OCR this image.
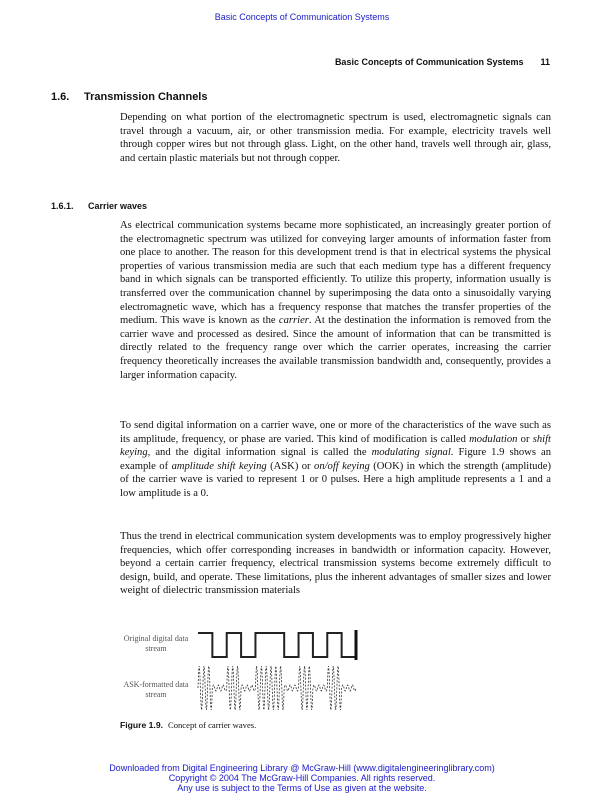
Basic Concepts of Communication Systems
Basic Concepts of Communication Systems 11
1.6. Transmission Channels

Depending on what portion of the electromagnetic spectrum is used, electromagnetic signals can travel through a vacuum, air, or other transmission media. For example, electricity travels well through copper wires but not through glass. Light, on the other hand, travels well through air, glass, and certain plastic materials but not through copper.

1.6.1. Carrier waves

As electrical communication systems became more sophisticated, an increasingly greater portion of the electromagnetic spectrum was utilized for conveying larger amounts of information faster from one place to another. The reason for this development trend is that in electrical systems the physical properties of various transmission media are such that each medium type has a different frequency band in which signals can be transported efficiently. To utilize this property, information usually is transferred over the communication channel by superimposing the data onto a sinusoidally varying electromagnetic wave, which has a frequency response that matches the transfer properties of the medium. This wave is known as the carrier. At the destination the information is removed from the carrier wave and processed as desired. Since the amount of information that can be transmitted is directly related to the frequency range over which the carrier operates, increasing the carrier frequency theoretically increases the available transmission bandwidth and, consequently, provides a larger information capacity.

To send digital information on a carrier wave, one or more of the characteristics of the wave such as its amplitude, frequency, or phase are varied. This kind of modification is called modulation or shift keying, and the digital information signal is called the modulating signal. Figure 1.9 shows an example of amplitude shift keying (ASK) or on/off keying (OOK) in which the strength (amplitude) of the carrier wave is varied to represent 1 or 0 pulses. Here a high amplitude represents a 1 and a low amplitude is a 0.

Thus the trend in electrical communication system developments was to employ progressively higher frequencies, which offer corresponding increases in bandwidth or information capacity. However, beyond a certain carrier frequency, electrical transmission systems become extremely difficult to design, build, and operate. These limitations, plus the inherent advantages of smaller sizes and lower weight of dielectric transmission materials

Original digital data stream
ASK-formatted data stream
Figure 1.9. Concept of carrier waves.
Downloaded from Digital Engineering Library @ McGraw-Hill (www.digitalengineeringlibrary.com)
Copyright © 2004 The McGraw-Hill Companies. All rights reserved.
Any use is subject to the Terms of Use as given at the website.
